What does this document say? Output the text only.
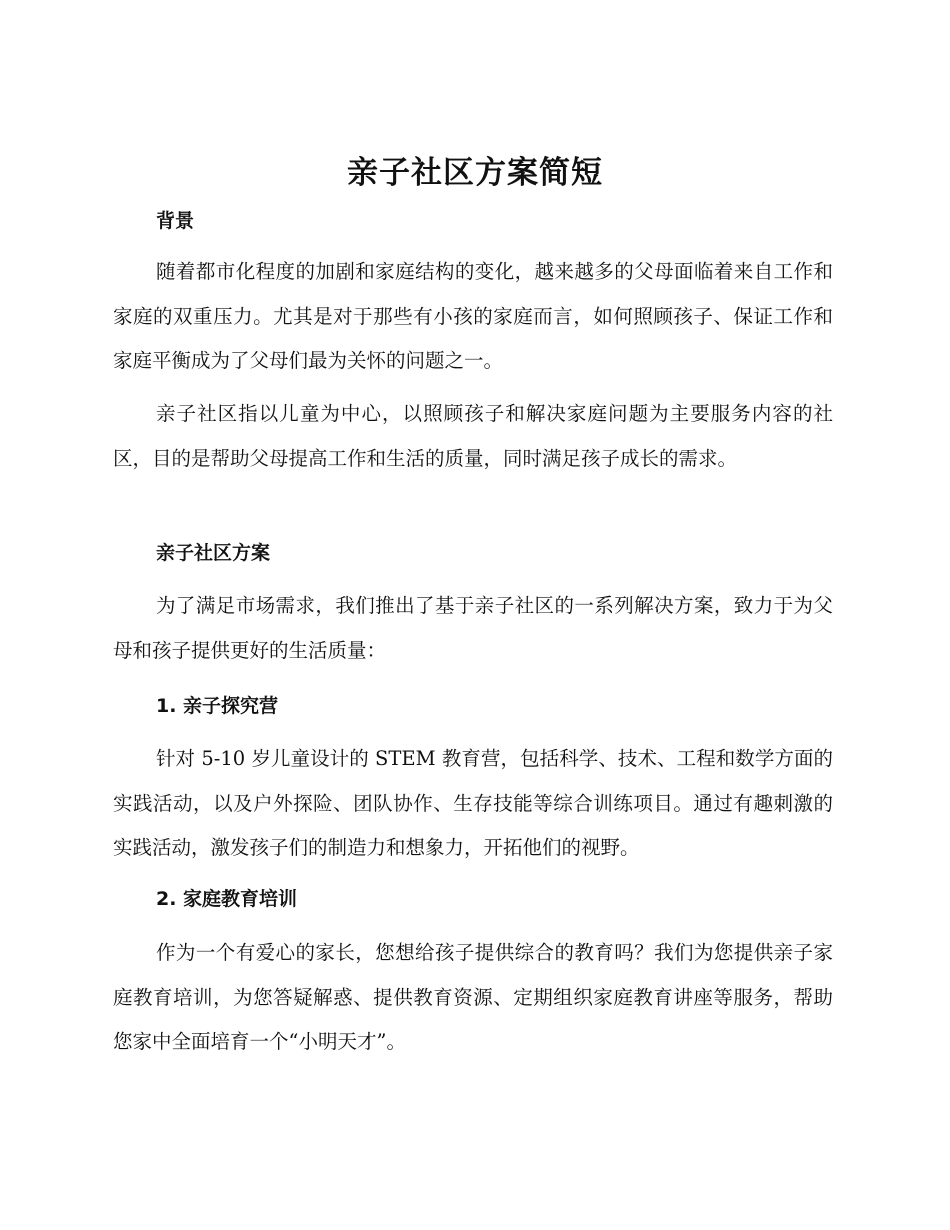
亲子社区方案简短
背景

随着都市化程度的加剧和家庭结构的变化，越来越多的父母面临着来自工作和家庭的双重压力。尤其是对于那些有小孩的家庭而言，如何照顾孩子、保证工作和家庭平衡成为了父母们最为关怀的问题之一。

亲子社区指以儿童为中心，以照顾孩子和解决家庭问题为主要服务内容的社区，目的是帮助父母提高工作和生活的质量，同时满足孩子成长的需求。

亲子社区方案

为了满足市场需求，我们推出了基于亲子社区的一系列解决方案，致力于为父母和孩子提供更好的生活质量：

1. 亲子探究营

针对 5-10 岁儿童设计的 STEM 教育营，包括科学、技术、工程和数学方面的实践活动，以及户外探险、团队协作、生存技能等综合训练项目。通过有趣刺激的实践活动，激发孩子们的制造力和想象力，开拓他们的视野。

2. 家庭教育培训

作为一个有爱心的家长，您想给孩子提供综合的教育吗？我们为您提供亲子家庭教育培训，为您答疑解惑、提供教育资源、定期组织家庭教育讲座等服务，帮助您家中全面培育一个“小明天才”。
